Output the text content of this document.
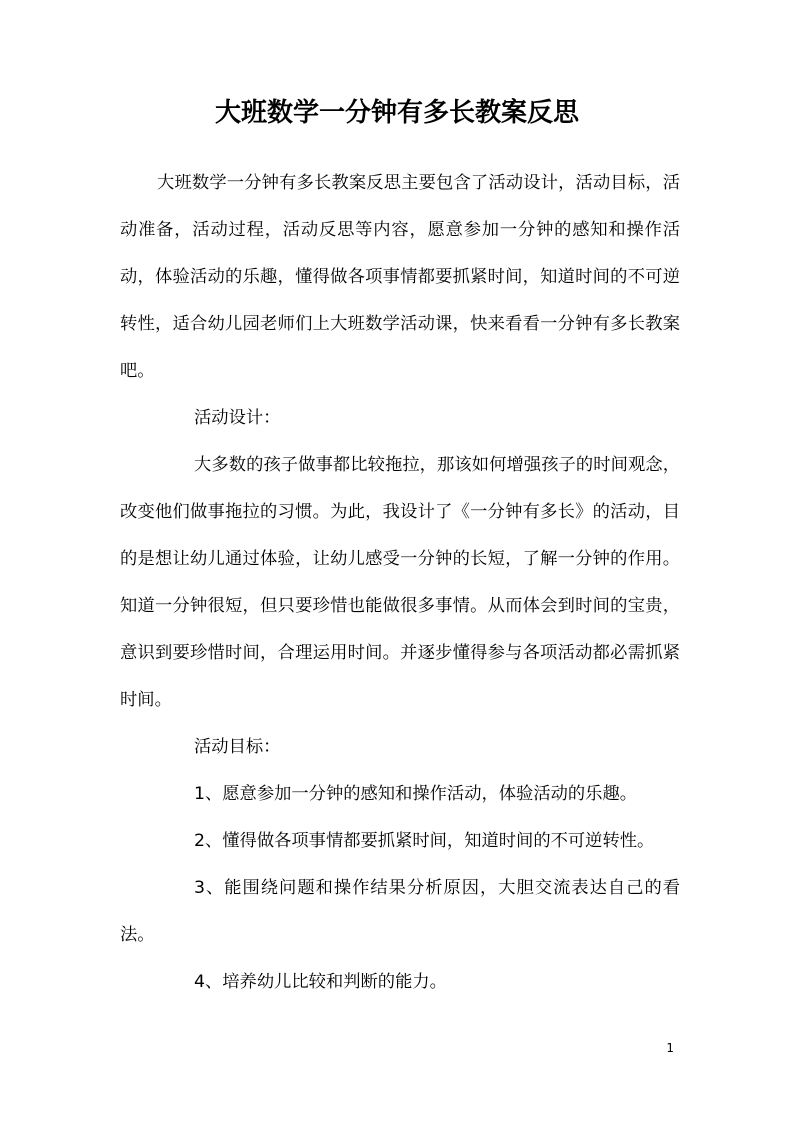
大班数学一分钟有多长教案反思

大班数学一分钟有多长教案反思主要包含了活动设计，活动目标，活动准备，活动过程，活动反思等内容，愿意参加一分钟的感知和操作活动，体验活动的乐趣，懂得做各项事情都要抓紧时间，知道时间的不可逆转性，适合幼儿园老师们上大班数学活动课，快来看看一分钟有多长教案吧。

活动设计：

大多数的孩子做事都比较拖拉，那该如何增强孩子的时间观念，改变他们做事拖拉的习惯。为此，我设计了《一分钟有多长》的活动，目的是想让幼儿通过体验，让幼儿感受一分钟的长短，了解一分钟的作用。知道一分钟很短，但只要珍惜也能做很多事情。从而体会到时间的宝贵，意识到要珍惜时间，合理运用时间。并逐步懂得参与各项活动都必需抓紧时间。

活动目标：

1、愿意参加一分钟的感知和操作活动，体验活动的乐趣。

2、懂得做各项事情都要抓紧时间，知道时间的不可逆转性。

3、能围绕问题和操作结果分析原因，大胆交流表达自己的看法。

4、培养幼儿比较和判断的能力。

1
